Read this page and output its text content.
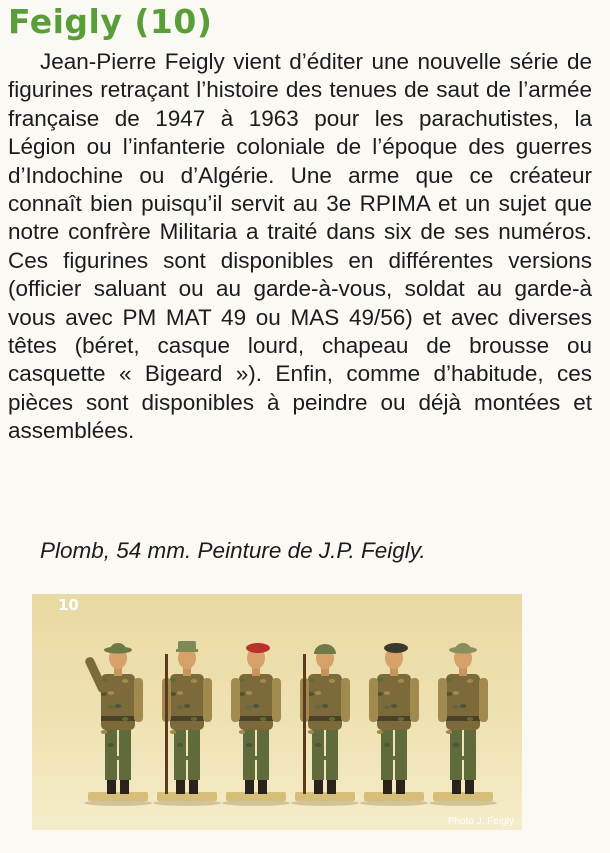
Feigly (10)

Jean-Pierre Feigly vient d’éditer une nouvelle série de figurines retraçant l’histoire des tenues de saut de l’armée française de 1947 à 1963 pour les parachutistes, la Légion ou l’infanterie coloniale de l’époque des guerres d’Indochine ou d’Algérie. Une arme que ce créateur connaît bien puisqu’il servit au 3e RPIMA et un sujet que notre confrère Militaria a traité dans six de ses numéros. Ces figurines sont disponibles en différentes versions (officier saluant ou au garde-à-vous, soldat au garde-à vous avec PM MAT 49 ou MAS 49/56) et avec diverses têtes (béret, casque lourd, chapeau de brousse ou casquette « Bigeard »). Enfin, comme d’habitude, ces pièces sont disponibles à peindre ou déjà montées et assemblées.

Plomb, 54 mm. Peinture de J.P. Feigly.
10
Photo J. Feigly
